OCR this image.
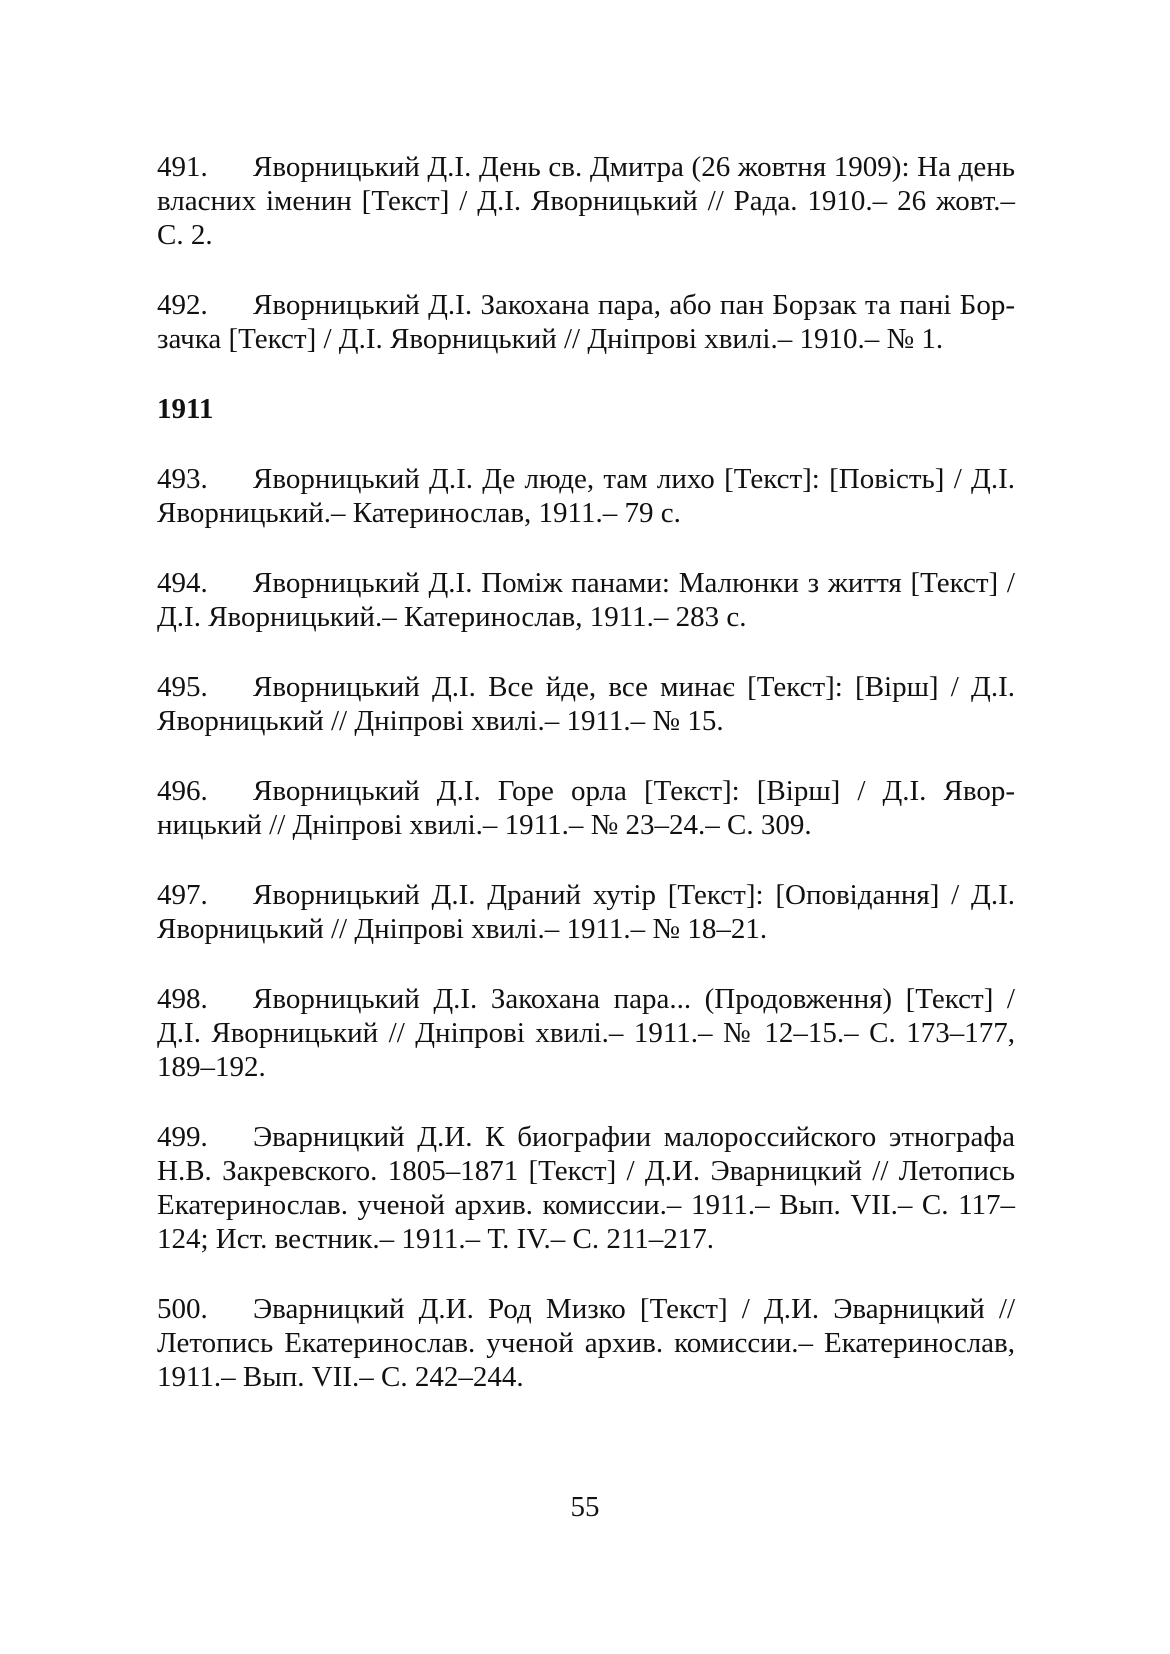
491. Яворницький Д.І. День св. Дмитра (26 жовтня 1909): На день власних іменин [Текст] / Д.І. Яворницький // Рада. 1910.– 26 жовт.– С. 2.

492. Яворницький Д.І. Закохана пара, або пан Борзак та пані Борзачка [Текст] / Д.І. Яворницький // Дніпрові хвилі.– 1910.– № 1.

1911

493. Яворницький Д.І. Де люде, там лихо [Текст]: [Повість] / Д.І. Яворницький.– Катеринослав, 1911.– 79 с.

494. Яворницький Д.І. Поміж панами: Малюнки з життя [Текст] / Д.І. Яворницький.– Катеринослав, 1911.– 283 с.

495. Яворницький Д.І. Все йде, все минає [Текст]: [Вірш] / Д.І. Яворницький // Дніпрові хвилі.– 1911.– № 15.

496. Яворницький Д.І. Горе орла [Текст]: [Вірш] / Д.І. Яворницький // Дніпрові хвилі.– 1911.– № 23–24.– С. 309.

497. Яворницький Д.І. Драний хутір [Текст]: [Оповідання] / Д.І. Яворницький // Дніпрові хвилі.– 1911.– № 18–21.

498. Яворницький Д.І. Закохана пара... (Продовження) [Текст] / Д.І. Яворницький // Дніпрові хвилі.– 1911.– № 12–15.– С. 173–177, 189–192.

499. Эварницкий Д.И. К биографии малороссийского этнографа Н.В. Закревского. 1805–1871 [Текст] / Д.И. Эварницкий // Летопись Екатеринослав. ученой архив. комиссии.– 1911.– Вып. VII.– С. 117–124; Ист. вестник.– 1911.– Т. IV.– С. 211–217.

500. Эварницкий Д.И. Род Мизко [Текст] / Д.И. Эварницкий // Летопись Екатеринослав. ученой архив. комиссии.– Екатеринослав, 1911.– Вып. VII.– С. 242–244.

55
